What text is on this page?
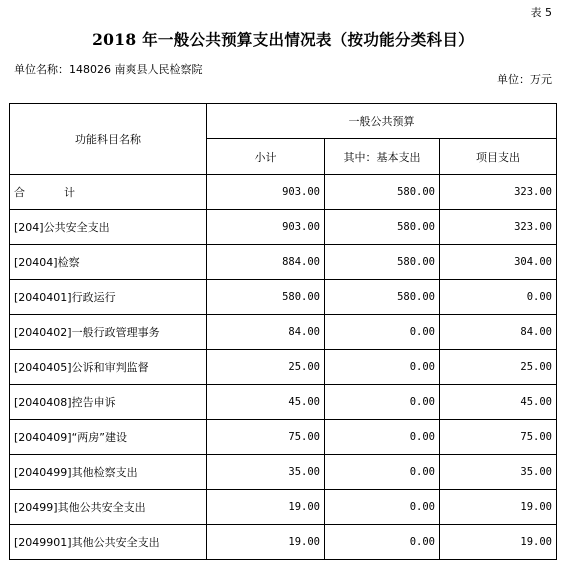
表 5
2018 年一般公共预算支出情况表（按功能分类科目）
单位名称：148026 南爽县人民检察院
单位：万元
功能科目名称	一般公共预算		
	小计	其中：基本支出	项目支出
合　计	903.00	580.00	323.00
[204]公共安全支出	903.00	580.00	323.00
[20404]检察	884.00	580.00	304.00
[2040401]行政运行	580.00	580.00	0.00
[2040402]一般行政管理事务	84.00	0.00	84.00
[2040405]公诉和审判监督	25.00	0.00	25.00
[2040408]控告申诉	45.00	0.00	45.00
[2040409]“两房”建设	75.00	0.00	75.00
[2040499]其他检察支出	35.00	0.00	35.00
[20499]其他公共安全支出	19.00	0.00	19.00
[2049901]其他公共安全支出	19.00	0.00	19.00
